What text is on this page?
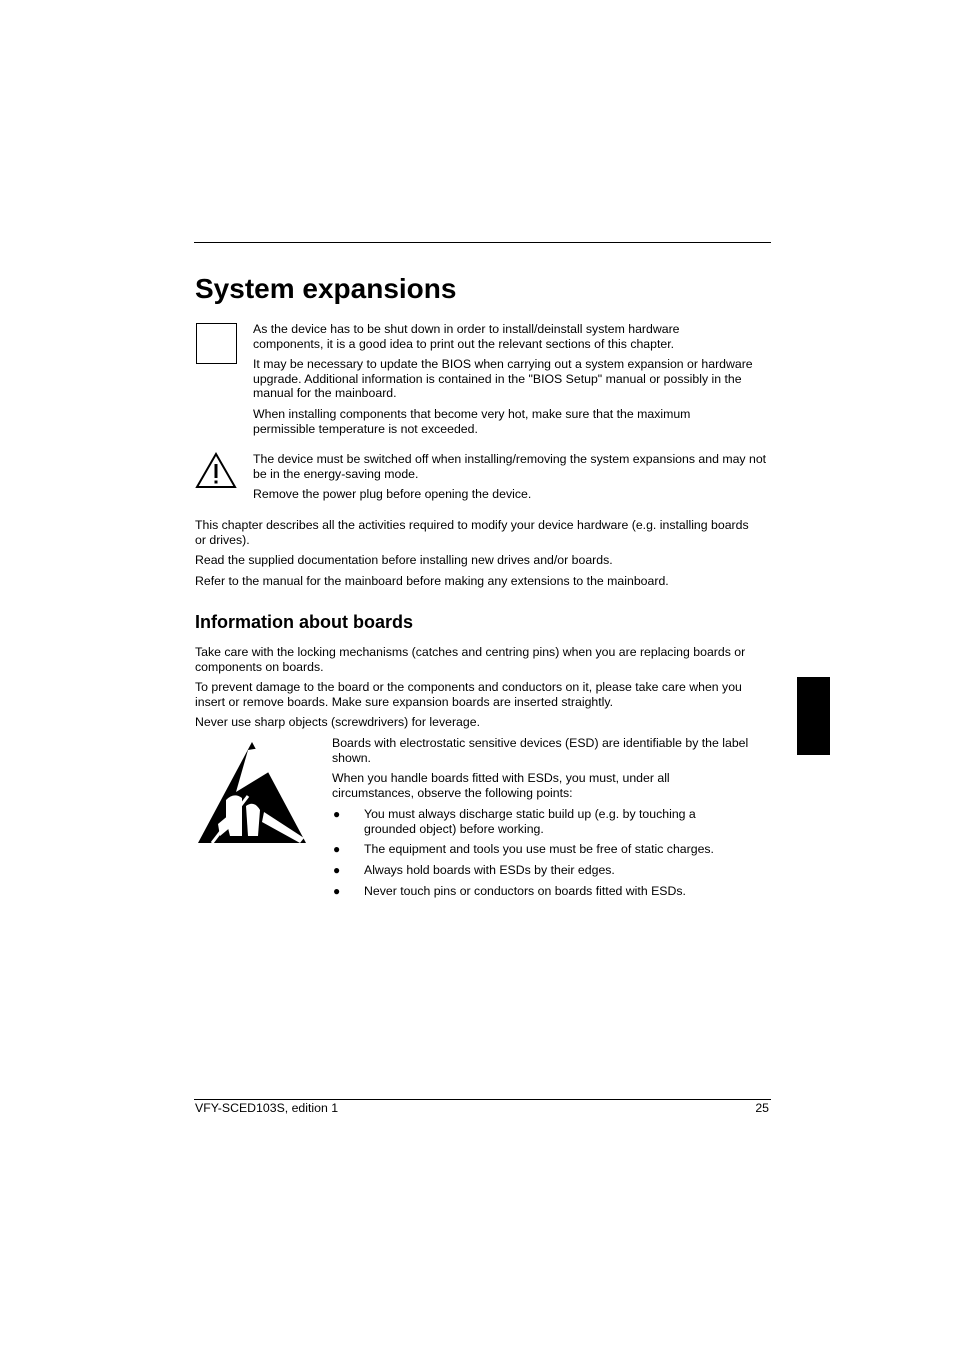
System expansions

As the device has to be shut down in order to install/deinstall system hardware components, it is a good idea to print out the relevant sections of this chapter.

It may be necessary to update the BIOS when carrying out a system expansion or hardware upgrade. Additional information is contained in the "BIOS Setup" manual or possibly in the manual for the mainboard.

When installing components that become very hot, make sure that the maximum permissible temperature is not exceeded.

The device must be switched off when installing/removing the system expansions and may not be in the energy-saving mode.

Remove the power plug before opening the device.

This chapter describes all the activities required to modify your device hardware (e.g. installing boards or drives).

Read the supplied documentation before installing new drives and/or boards.

Refer to the manual for the mainboard before making any extensions to the mainboard.

Information about boards

Take care with the locking mechanisms (catches and centring pins) when you are replacing boards or components on boards.

To prevent damage to the board or the components and conductors on it, please take care when you insert or remove boards. Make sure expansion boards are inserted straightly.

Never use sharp objects (screwdrivers) for leverage.

Boards with electrostatic sensitive devices (ESD) are identifiable by the label shown.

When you handle boards fitted with ESDs, you must, under all circumstances, observe the following points:

● You must always discharge static build up (e.g. by touching a grounded object) before working.

● The equipment and tools you use must be free of static charges.

● Always hold boards with ESDs by their edges.

● Never touch pins or conductors on boards fitted with ESDs.

VFY-SCED103S, edition 1	25
